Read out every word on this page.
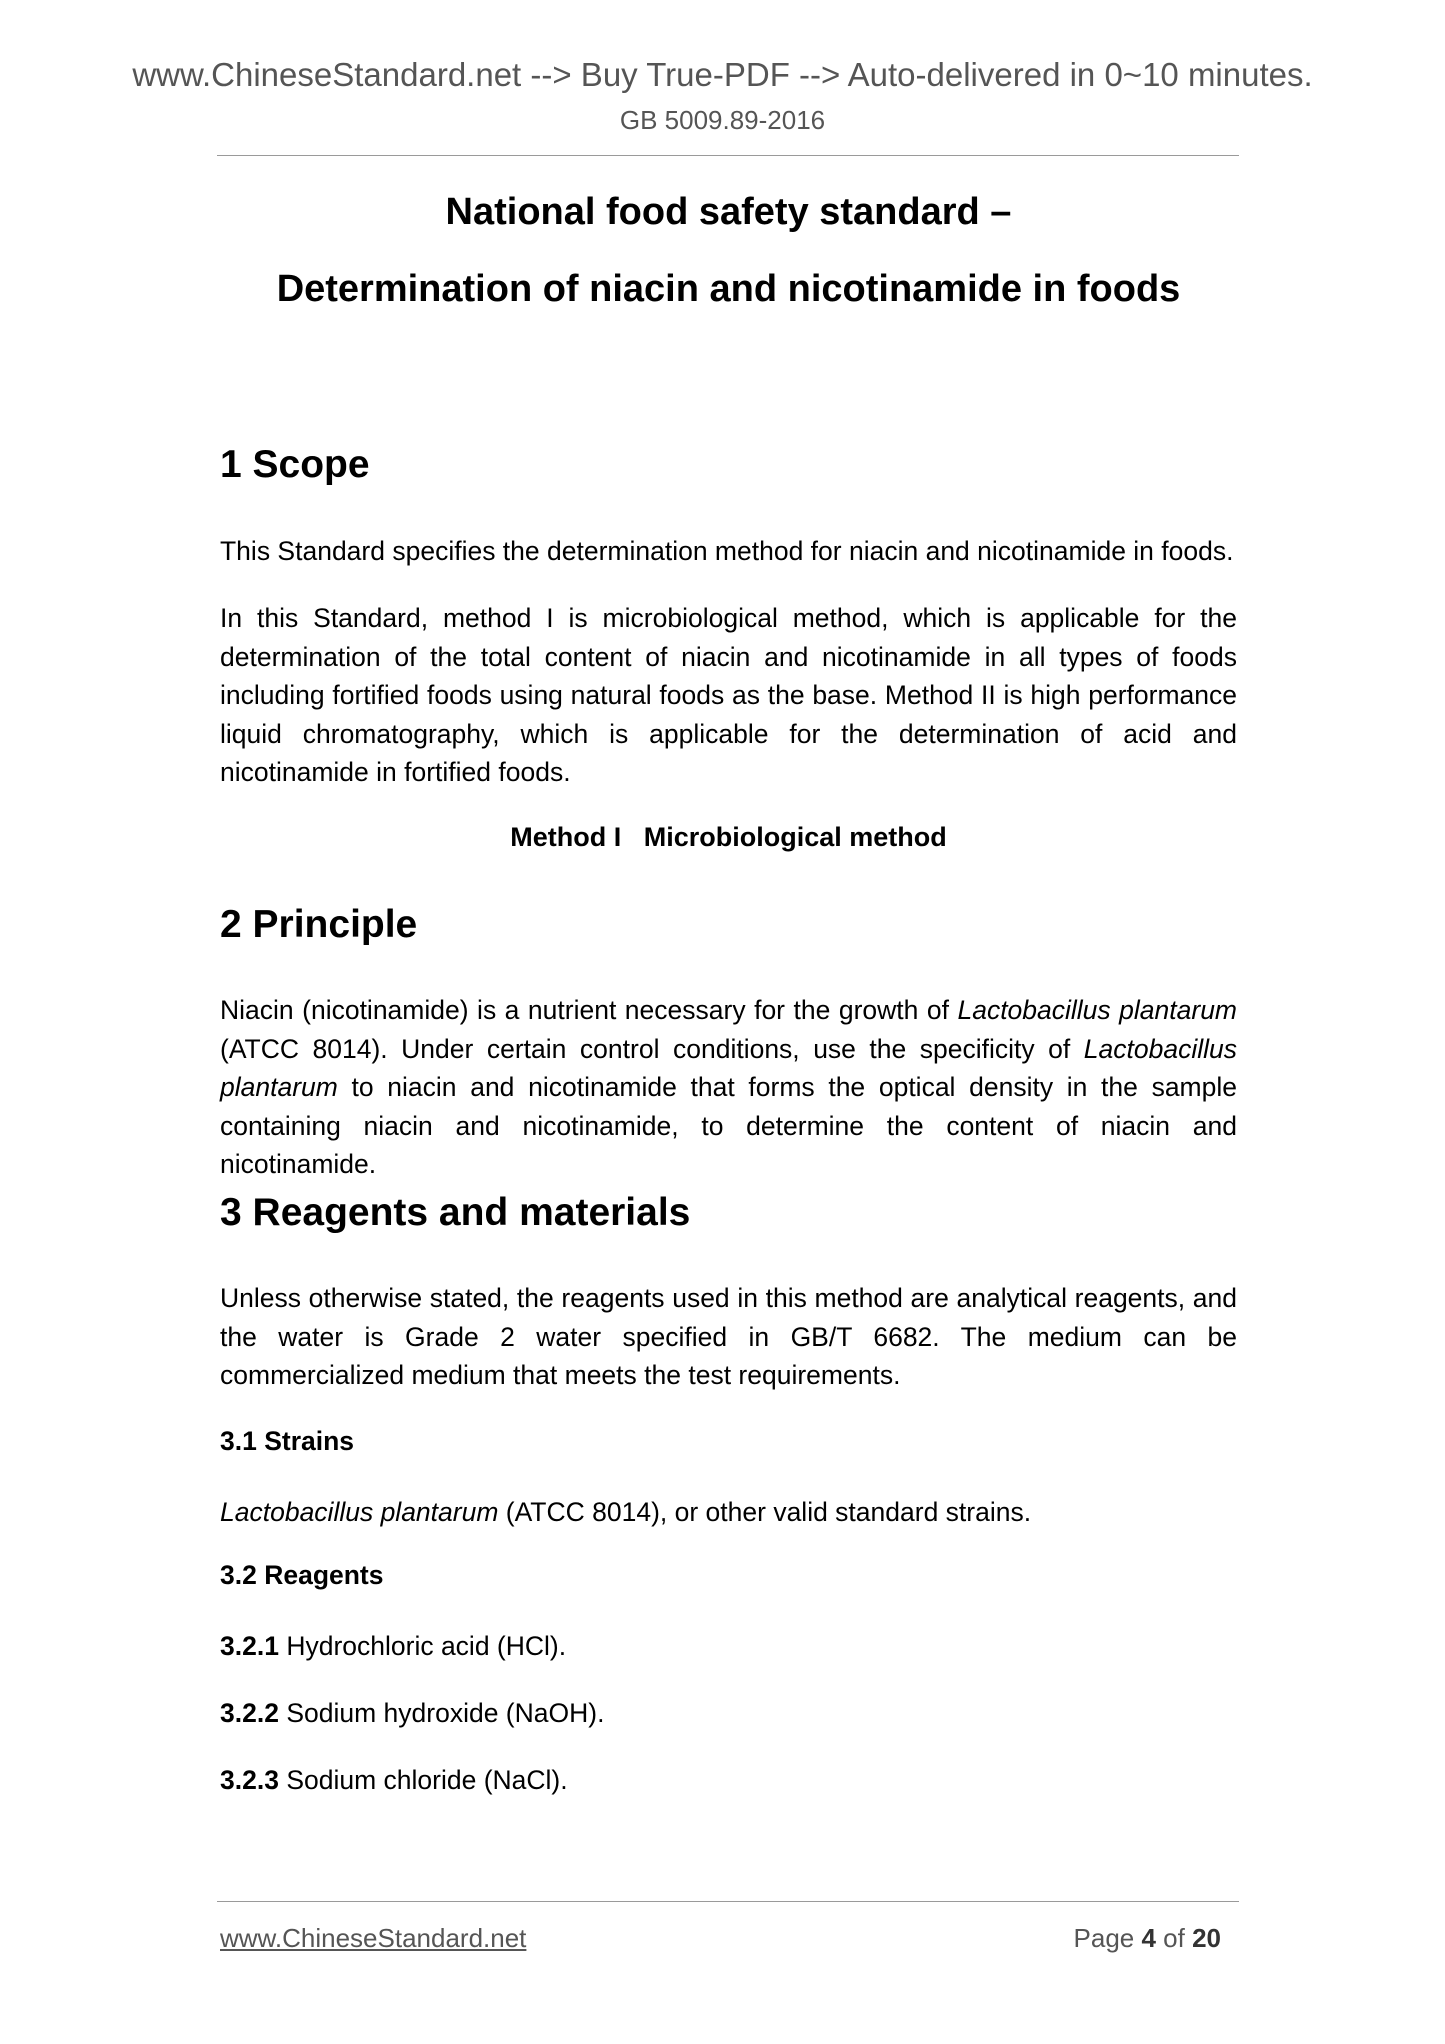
www.ChineseStandard.net --> Buy True-PDF --> Auto-delivered in 0~10 minutes.
GB 5009.89-2016
National food safety standard –
Determination of niacin and nicotinamide in foods
1 Scope
This Standard specifies the determination method for niacin and nicotinamide in foods.
In this Standard, method I is microbiological method, which is applicable for the determination of the total content of niacin and nicotinamide in all types of foods including fortified foods using natural foods as the base. Method II is high performance liquid chromatography, which is applicable for the determination of acid and nicotinamide in fortified foods.
Method I Microbiological method
2 Principle
Niacin (nicotinamide) is a nutrient necessary for the growth of Lactobacillus plantarum (ATCC 8014). Under certain control conditions, use the specificity of Lactobacillus plantarum to niacin and nicotinamide that forms the optical density in the sample containing niacin and nicotinamide, to determine the content of niacin and nicotinamide.
3 Reagents and materials
Unless otherwise stated, the reagents used in this method are analytical reagents, and the water is Grade 2 water specified in GB/T 6682. The medium can be commercialized medium that meets the test requirements.
3.1 Strains
Lactobacillus plantarum (ATCC 8014), or other valid standard strains.
3.2 Reagents
3.2.1 Hydrochloric acid (HCl).
3.2.2 Sodium hydroxide (NaOH).
3.2.3 Sodium chloride (NaCl).
www.ChineseStandard.net	Page 4 of 20
